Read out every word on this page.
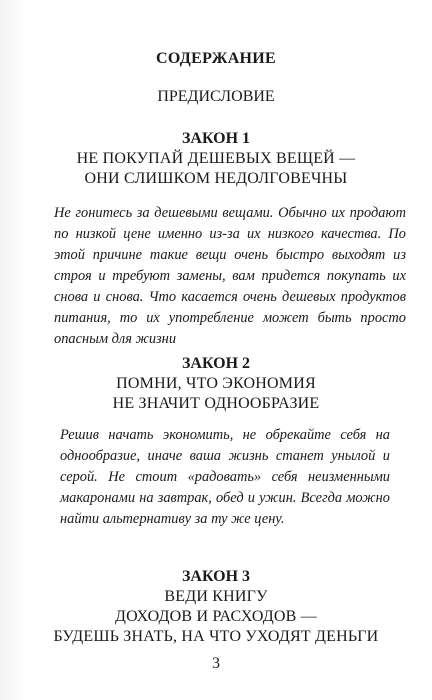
СОДЕРЖАНИЕ
ПРЕДИСЛОВИЕ
ЗАКОН 1
НЕ ПОКУПАЙ ДЕШЕВЫХ ВЕЩЕЙ —
ОНИ СЛИШКОМ НЕДОЛГОВЕЧНЫ
Не гонитесь за дешевыми вещами. Обычно их продают по низкой цене именно из-за их низкого качества. По этой причине такие вещи очень быстро выходят из строя и требуют замены, вам придется покупать их снова и снова. Что касается очень дешевых продуктов питания, то их употребление может быть просто опасным для жизни
ЗАКОН 2
ПОМНИ, ЧТО ЭКОНОМИЯ
НЕ ЗНАЧИТ ОДНООБРАЗИЕ
Решив начать экономить, не обрекайте себя на однообразие, иначе ваша жизнь станет унылой и серой. Не стоит «радовать» себя неизменными макаронами на завтрак, обед и ужин. Всегда можно найти альтернативу за ту же цену.
ЗАКОН 3
ВЕДИ КНИГУ
ДОХОДОВ И РАСХОДОВ —
БУДЕШЬ ЗНАТЬ, НА ЧТО УХОДЯТ ДЕНЬГИ
3
